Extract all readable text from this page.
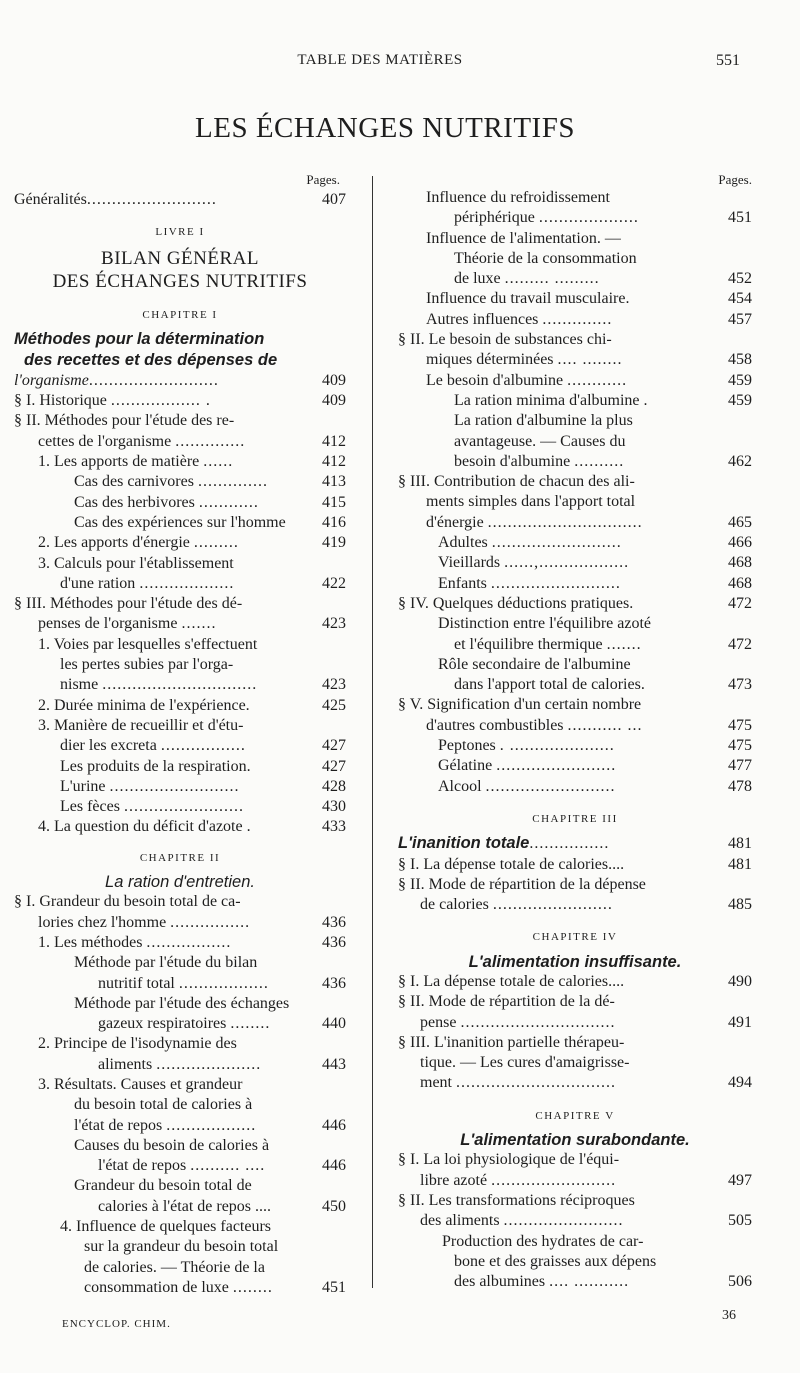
TABLE DES MATIÈRES	551
LES ÉCHANGES NUTRITIFS
Pages.
Généralités..........................	407
LIVRE I
BILAN GÉNÉRAL
DES ÉCHANGES NUTRITIFS
CHAPITRE I
Méthodes pour la détermination
des recettes et des dépenses de
l'organisme..........................	409
§ I. Historique .................. .	409
§ II. Méthodes pour l'étude des re-
cettes de l'organisme ..............	412
1. Les apports de matière ......	412
Cas des carnivores ..............	413
Cas des herbivores ............	415
Cas des expériences sur l'homme 416
2. Les apports d'énergie .........	419
3. Calculs pour l'établissement
d'une ration ...................	422
§ III. Méthodes pour l'étude des dé-
penses de l'organisme .......	423
1. Voies par lesquelles s'effectuent
les pertes subies par l'orga-
nisme ...............................	423
2. Durée minima de l'expérience.	425
3. Manière de recueillir et d'étu-
dier les excreta .................	427
Les produits de la respiration.	427
L'urine ..........................	428
Les fèces ........................	430
4. La question du déficit d'azote .	433
CHAPITRE II
La ration d'entretien.
§ I. Grandeur du besoin total de ca-
lories chez l'homme ................	436
1. Les méthodes .................	436
Méthode par l'étude du bilan
nutritif total ..................	436
Méthode par l'étude des échanges
gazeux respiratoires ........	440
2. Principe de l'isodynamie des
aliments .....................	443
3. Résultats. Causes et grandeur
du besoin total de calories à
l'état de repos ..................	446
Causes du besoin de calories à
l'état de repos .......... ....	446
Grandeur du besoin total de
calories à l'état de repos ....	450
4. Influence de quelques facteurs
sur la grandeur du besoin total
de calories. — Théorie de la
consommation de luxe ........	451
Pages.
Influence du refroidissement
périphérique ....................	451
Influence de l'alimentation. —
Théorie de la consommation
de luxe ......... .........	452
Influence du travail musculaire.	454
Autres influences ..............	457
§ II. Le besoin de substances chi-
miques déterminées .... ........	458
Le besoin d'albumine ............	459
La ration minima d'albumine .	459
La ration d'albumine la plus
avantageuse. — Causes du
besoin d'albumine ..........	462
§ III. Contribution de chacun des ali-
ments simples dans l'apport total
d'énergie ...............................	465
Adultes ..........................	466
Vieillards ......,..................	468
Enfants ..........................	468
§ IV. Quelques déductions pratiques.	472
Distinction entre l'équilibre azoté
et l'équilibre thermique .......	472
Rôle secondaire de l'albumine
dans l'apport total de calories.	473
§ V. Signification d'un certain nombre
d'autres combustibles ........... ...	475
Peptones . .....................	475
Gélatine ........................	477
Alcool ..........................	478
CHAPITRE III
L'inanition totale................	481
§ I. La dépense totale de calories....	481
§ II. Mode de répartition de la dépense
de calories ........................	485
CHAPITRE IV
L'alimentation insuffisante.
§ I. La dépense totale de calories....	490
§ II. Mode de répartition de la dé-
pense ...............................	491
§ III. L'inanition partielle thérapeu-
tique. — Les cures d'amaigrisse-
ment ................................	494
CHAPITRE V
L'alimentation surabondante.
§ I. La loi physiologique de l'équi-
libre azoté .........................	497
§ II. Les transformations réciproques
des aliments ........................	505
Production des hydrates de car-
bone et des graisses aux dépens
des albumines .... ...........	506
ENCYCLOP. CHIM.
36
